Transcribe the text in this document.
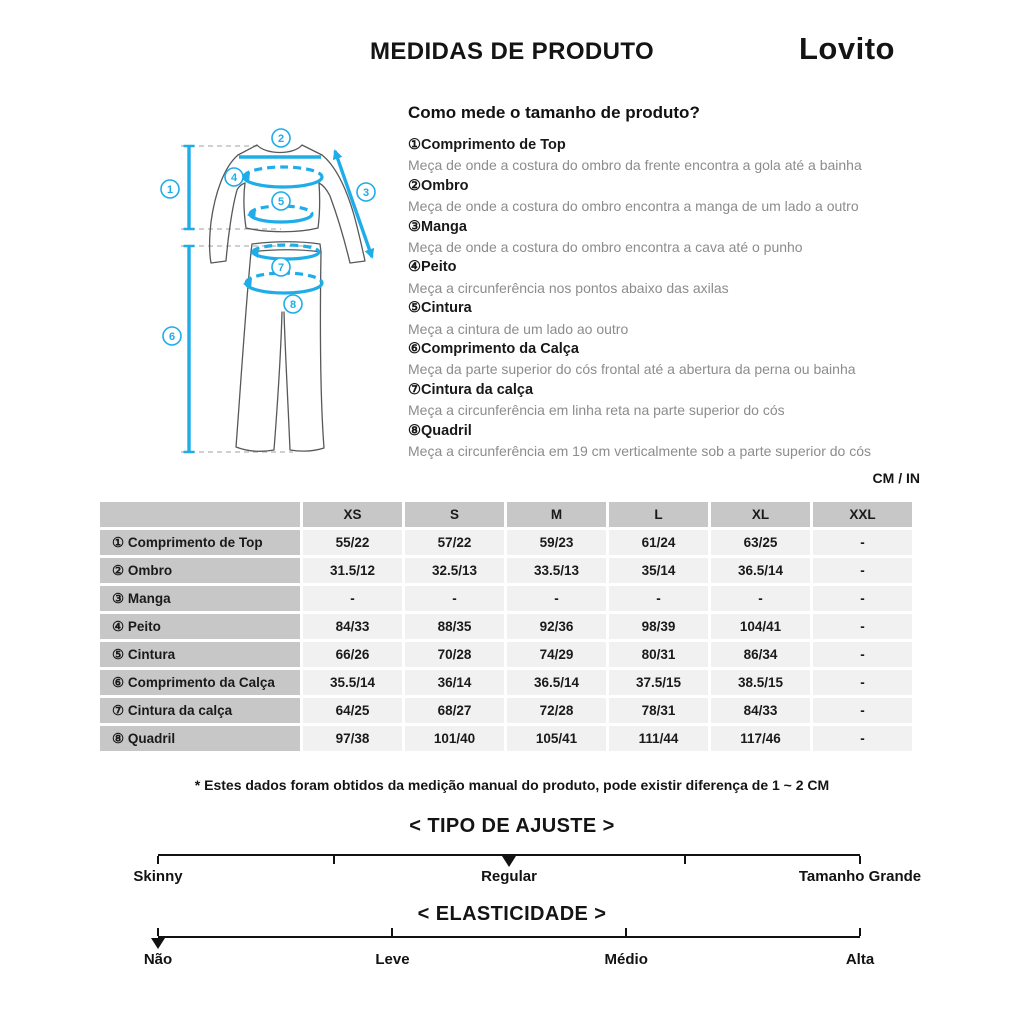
MEDIDAS DE PRODUTO	Lovito
1
2
3
4
5
6
7
8
Como mede o tamanho de produto?
①Comprimento de Top
Meça de onde a costura do ombro da frente encontra a gola até a bainha
②Ombro
Meça de onde a costura do ombro encontra a manga de um lado a outro
③Manga
Meça de onde a costura do ombro encontra a cava até o punho
④Peito
Meça a circunferência nos pontos abaixo das axilas
⑤Cintura
Meça a cintura de um lado ao outro
⑥Comprimento da Calça
Meça da parte superior do cós frontal até a abertura da perna ou bainha
⑦Cintura da calça
Meça a circunferência em linha reta na parte superior do cós
⑧Quadril
Meça a circunferência em 19 cm verticalmente sob a parte superior do cós
CM / IN
	XS	S	M	L	XL	XXL
① Comprimento de Top	55/22	57/22	59/23	61/24	63/25	-
② Ombro	31.5/12	32.5/13	33.5/13	35/14	36.5/14	-
③ Manga	-	-	-	-	-	-
④ Peito	84/33	88/35	92/36	98/39	104/41	-
⑤ Cintura	66/26	70/28	74/29	80/31	86/34	-
⑥ Comprimento da Calça	35.5/14	36/14	36.5/14	37.5/15	38.5/15	-
⑦ Cintura da calça	64/25	68/27	72/28	78/31	84/33	-
⑧ Quadril	97/38	101/40	105/41	111/44	117/46	-
* Estes dados foram obtidos da medição manual do produto, pode existir diferença de 1 ~ 2 CM
< TIPO DE AJUSTE >
Skinny	Regular	Tamanho Grande
< ELASTICIDADE >
Não	Leve	Médio	Alta
